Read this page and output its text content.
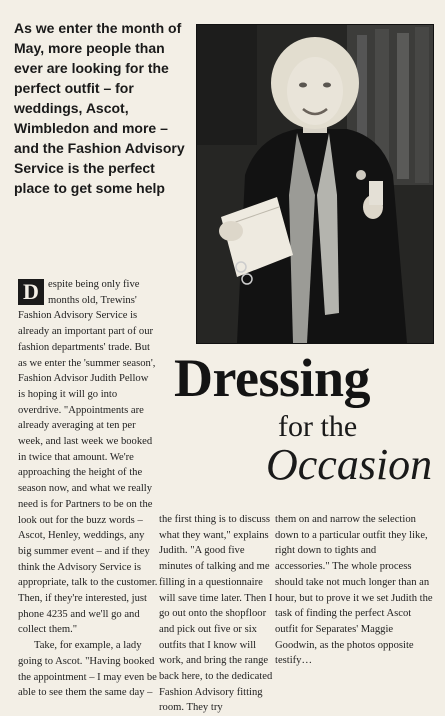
As we enter the month of May, more people than ever are looking for the perfect outfit – for weddings, Ascot, Wimbledon and more – and the Fashion Advisory Service is the perfect place to get some help

Dressing
for the
Occasion

D espite being only five months old, Trewins' Fashion Advisory Service is already an important part of our fashion departments' trade. But as we enter the 'summer season', Fashion Advisor Judith Pellow is hoping it will go into overdrive. "Appointments are already averaging at ten per week, and last week we booked in twice that amount. We're approaching the height of the season now, and what we really need is for Partners to be on the look out for the buzz words – Ascot, Henley, weddings, any big summer event – and if they think the Advisory Service is appropriate, talk to the customer. Then, if they're interested, just phone 4235 and we'll go and collect them."

Take, for example, a lady going to Ascot. "Having booked the appointment – I may even be able to see them the same day –

the first thing is to discuss what they want," explains Judith. "A good five minutes of talking and me filling in a questionnaire will save time later. Then I go out onto the shopfloor and pick out five or six outfits that I know will work, and bring the range back here, to the dedicated Fashion Advisory fitting room. They try

them on and narrow the selection down to a particular outfit they like, right down to tights and accessories." The whole process should take not much longer than an hour, but to prove it we set Judith the task of finding the perfect Ascot outfit for Separates' Maggie Goodwin, as the photos opposite testify…
